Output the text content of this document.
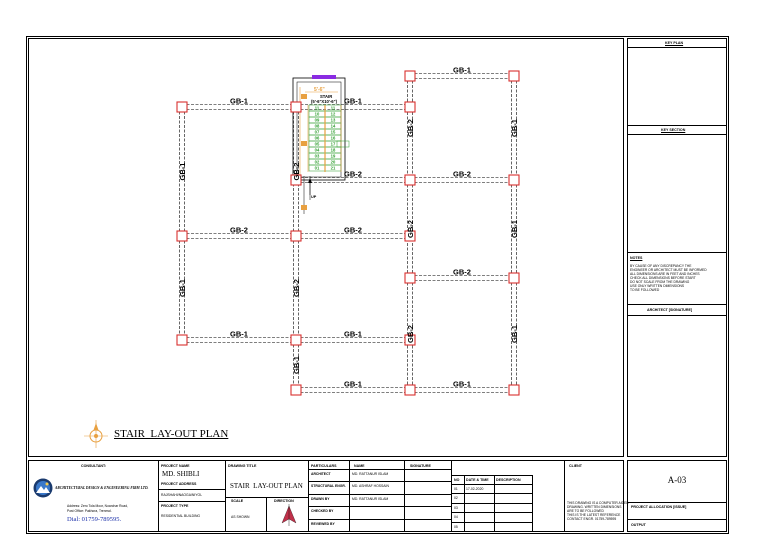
5'-6"
STAIR
(5'-6"X10'-6")
11	11
10	12
09	13
08	14
07	15
06	16
05	17
04	18
03	19
02	20
01	21
UP
GB-1	GB-1
GB-1
GB-2	GB-2
GB-2	GB-2
GB-2
GB-1	GB-1
GB-1	GB-1
GB-1
GB-1
GB-2
GB-2
GB-1
GB-2
GB-2
GB-2
GB-1
GB-1
GB-1
STAIR  LAY-OUT PLAN
KEY PLAN
KEY SECTION
NOTES
BY CAUSE OF ANY DISCREPANCY THE
ENGINEER OR ARCHITECT MUST BE INFORMED
ALL DIMENSIONS ARE IN FEET AND INCHES
CHECK ALL DIMENSIONS BEFORE START
DO NOT SCALE FROM THE DRAWING
USE ONLY WRITTEN DIMENSIONS
TO BE FOLLOWED
ARCHITECT [SIGNATURE]
CONSULTANT:
ARCHITECTURAL DESIGN & ENGINEERING FIRM LTD.
Address: Zero Tola Moor, Noarchar Road,
Post Office: Pakhora, Trenmol.
Dial: 01759-789595.
PROJECT NAME
MD. SHIBLI
PROJECT ADDRESS
RAJSHAHI/NAOGA/NIYOL
PROJECT TYPE
RESIDENTIAL BUILDING
DRAWING TITLE
STAIR  LAY-OUT PLAN
SCALE	DIRECTION
AS SHOWN
PARTICULARS	NAME	SIGNATURE
ARCHITECT	MD. RATTANUR ISLAM
STRUCTURAL ENGR. MD. ASHRAF HOSSAIN
DRAWN BY	MD. RATTANUR ISLAM
CHECKED BY
REVIEWED BY
NO DATE & TIME DESCRIPTION
01 17-02-2020
02
03
04
05
CLIENT
THIS DRAWING IS A COMPUTER AIDED
DRAWING. WRITTEN DIMENSIONS
ARE TO BE FOLLOWED
THIS IS THE LATEST REFERENCE
CONTACT ENGR. 01759-789595
A-03
PROJECT ALLOCATION [ISSUE]
OUTPUT
